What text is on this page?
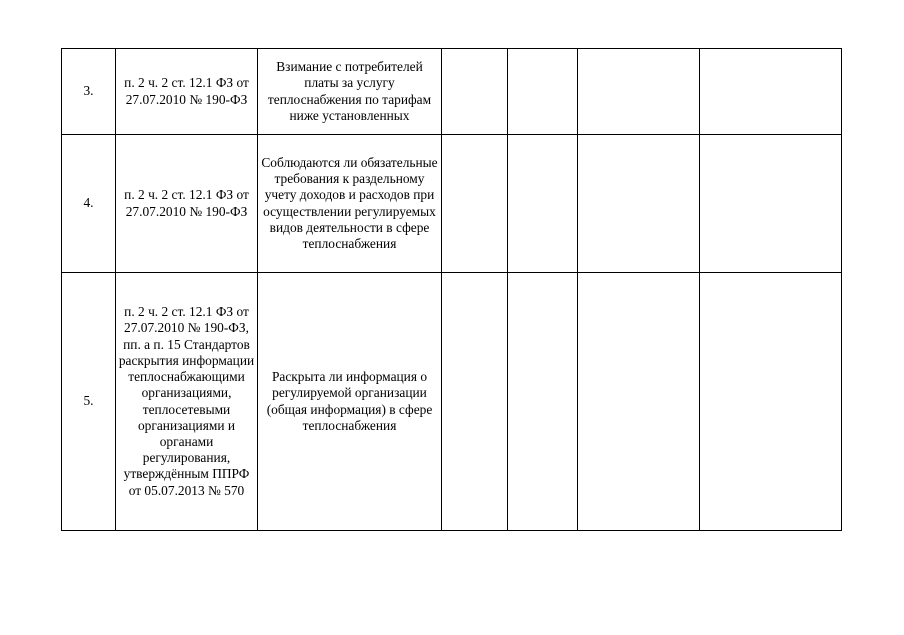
3.	п. 2 ч. 2 ст. 12.1 ФЗ от 27.07.2010 № 190-ФЗ	Взимание с потребителей платы за услугу теплоснабжения по тарифам ниже установленных				
4.	п. 2 ч. 2 ст. 12.1 ФЗ от 27.07.2010 № 190-ФЗ	Соблюдаются ли обязательные требования к раздельному учету доходов и расходов при осуществлении регулируемых видов деятельности в сфере теплоснабжения				
5.	п. 2 ч. 2 ст. 12.1 ФЗ от 27.07.2010 № 190-ФЗ, пп. а п. 15 Стандартов раскрытия информации теплоснабжающими организациями, теплосетевыми организациями и органами регулирования, утверждённым ППРФ от 05.07.2013 № 570	Раскрыта ли информация о регулируемой организации (общая информация) в сфере теплоснабжения				
